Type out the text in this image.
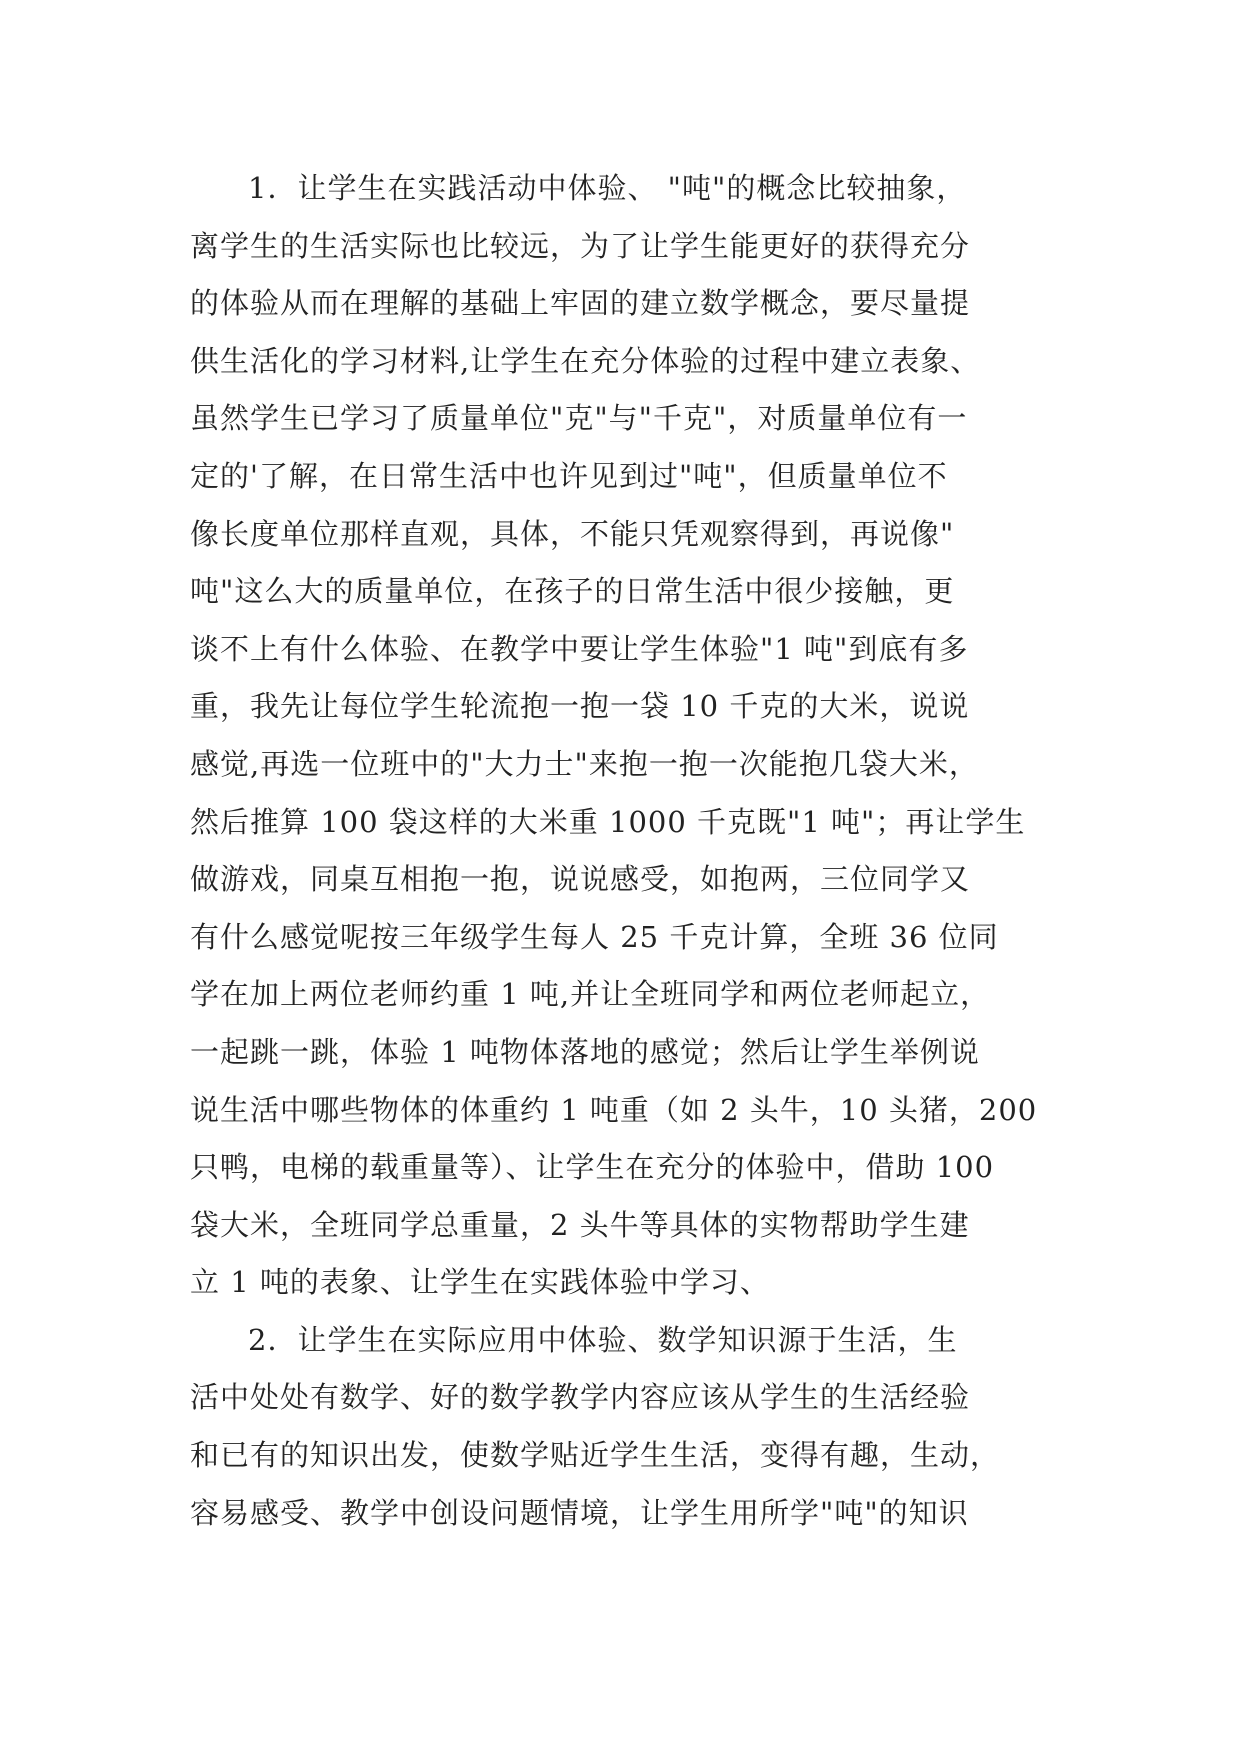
1．让学生在实践活动中体验、 "吨"的概念比较抽象，
离学生的生活实际也比较远，为了让学生能更好的获得充分
的体验从而在理解的基础上牢固的建立数学概念，要尽量提
供生活化的学习材料,让学生在充分体验的过程中建立表象、
虽然学生已学习了质量单位"克"与"千克"，对质量单位有一
定的'了解，在日常生活中也许见到过"吨"，但质量单位不
像长度单位那样直观，具体，不能只凭观察得到，再说像"
吨"这么大的质量单位，在孩子的日常生活中很少接触，更
谈不上有什么体验、在教学中要让学生体验"1 吨"到底有多
重，我先让每位学生轮流抱一抱一袋 10 千克的大米，说说
感觉,再选一位班中的"大力士"来抱一抱一次能抱几袋大米，
然后推算 100 袋这样的大米重 1000 千克既"1 吨"；再让学生
做游戏，同桌互相抱一抱，说说感受，如抱两，三位同学又
有什么感觉呢按三年级学生每人 25 千克计算，全班 36 位同
学在加上两位老师约重 1 吨,并让全班同学和两位老师起立，
一起跳一跳，体验 1 吨物体落地的感觉；然后让学生举例说
说生活中哪些物体的体重约 1 吨重（如 2 头牛，10 头猪，200
只鸭，电梯的载重量等）、让学生在充分的体验中，借助 100
袋大米，全班同学总重量，2 头牛等具体的实物帮助学生建
立 1 吨的表象、让学生在实践体验中学习、
2．让学生在实际应用中体验、数学知识源于生活，生
活中处处有数学、好的数学教学内容应该从学生的生活经验
和已有的知识出发，使数学贴近学生生活，变得有趣，生动，
容易感受、教学中创设问题情境，让学生用所学"吨"的知识
